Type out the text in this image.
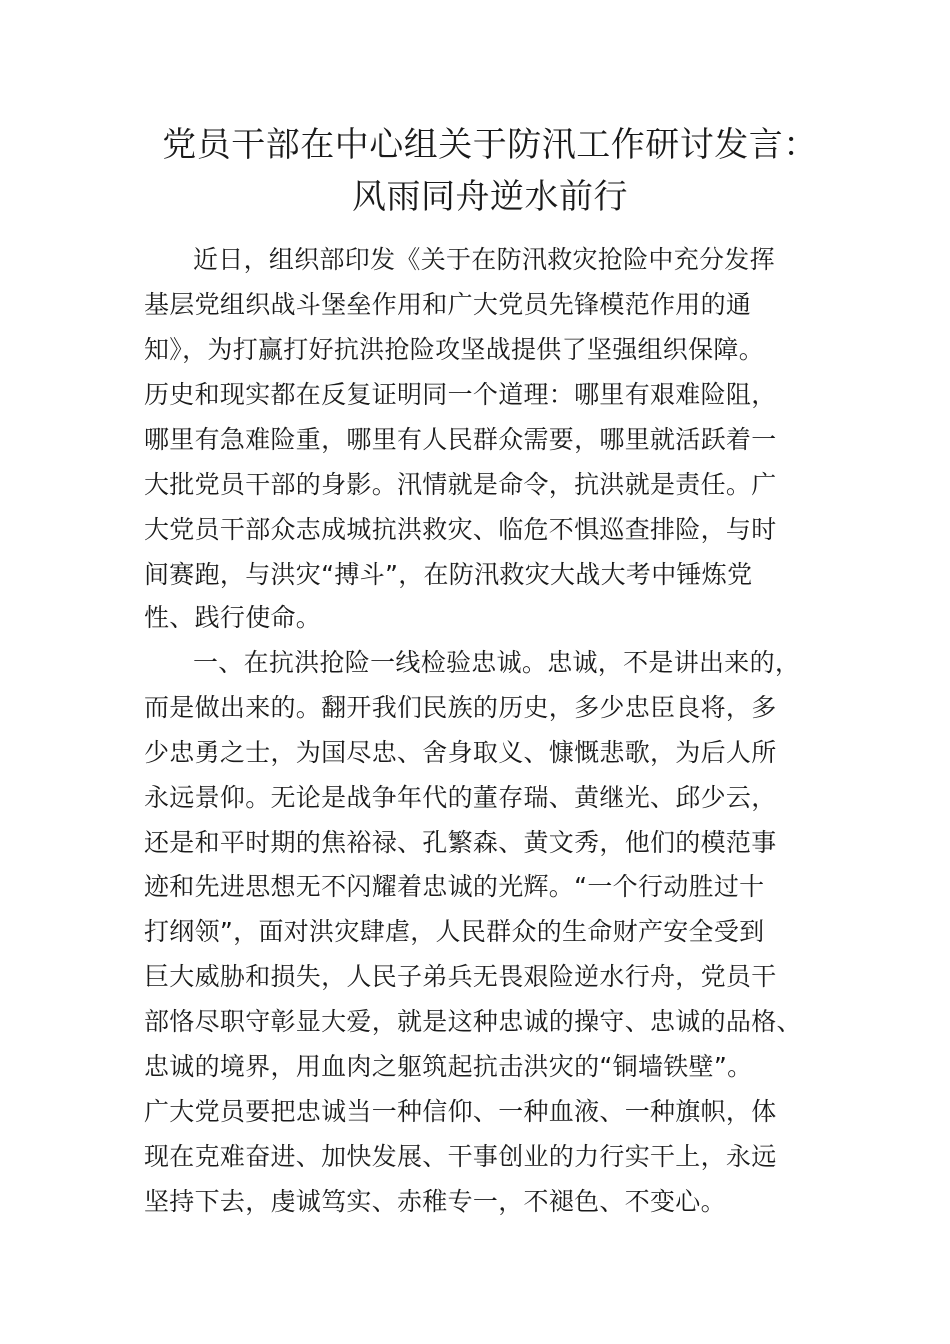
党员干部在中心组关于防汛工作研讨发言：
风雨同舟逆水前行

近日，组织部印发《关于在防汛救灾抢险中充分发挥

基层党组织战斗堡垒作用和广大党员先锋模范作用的通

知》，为打赢打好抗洪抢险攻坚战提供了坚强组织保障。

历史和现实都在反复证明同一个道理：哪里有艰难险阻，

哪里有急难险重，哪里有人民群众需要，哪里就活跃着一

大批党员干部的身影。汛情就是命令，抗洪就是责任。广

大党员干部众志成城抗洪救灾、临危不惧巡查排险，与时

间赛跑，与洪灾“搏斗”，在防汛救灾大战大考中锤炼党

性、践行使命。

一、在抗洪抢险一线检验忠诚。忠诚，不是讲出来的，

而是做出来的。翻开我们民族的历史，多少忠臣良将，多

少忠勇之士，为国尽忠、舍身取义、慷慨悲歌，为后人所

永远景仰。无论是战争年代的董存瑞、黄继光、邱少云，

还是和平时期的焦裕禄、孔繁森、黄文秀，他们的模范事

迹和先进思想无不闪耀着忠诚的光辉。“一个行动胜过十

打纲领”，面对洪灾肆虐，人民群众的生命财产安全受到

巨大威胁和损失，人民子弟兵无畏艰险逆水行舟，党员干

部恪尽职守彰显大爱，就是这种忠诚的操守、忠诚的品格、

忠诚的境界，用血肉之躯筑起抗击洪灾的“铜墙铁壁”。

广大党员要把忠诚当一种信仰、一种血液、一种旗帜，体

现在克难奋进、加快发展、干事创业的力行实干上，永远

坚持下去，虔诚笃实、赤稚专一，不褪色、不变心。
